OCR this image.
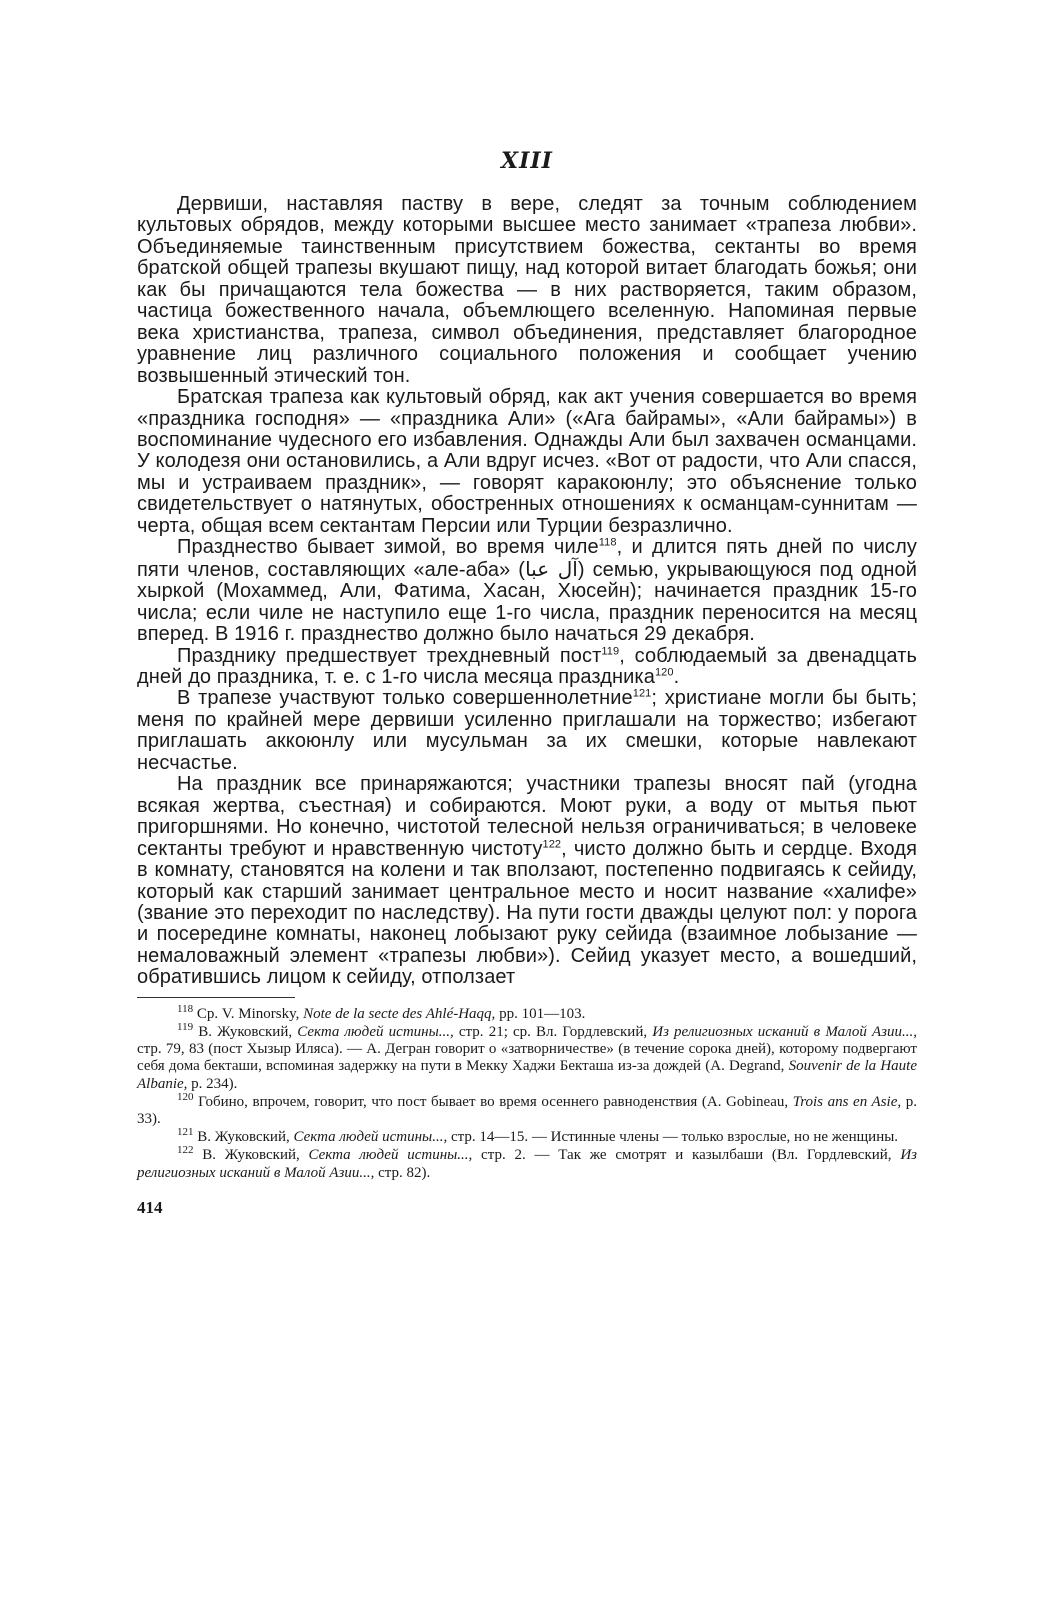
XIII

Дервиши, наставляя паству в вере, следят за точным соблюдением культовых обрядов, между которыми высшее место занимает «трапеза любви». Объединяемые таинственным присутствием божества, сектанты во время братской общей трапезы вкушают пищу, над которой витает благодать божья; они как бы причащаются тела божества — в них растворяется, таким образом, частица божественного начала, объемлющего вселенную. Напоминая первые века христианства, трапеза, символ объединения, представляет благородное уравнение лиц различного социального положения и сообщает учению возвышенный этический тон.

Братская трапеза как культовый обряд, как акт учения совершается во время «праздника господня» — «праздника Али» («Ага байрамы», «Али байрамы») в воспоминание чудесного его избавления. Однажды Али был захвачен османцами. У колодезя они остановились, а Али вдруг исчез. «Вот от радости, что Али спасся, мы и устраиваем праздник», — говорят каракоюнлу; это объяснение только свидетельствует о натянутых, обостренных отношениях к османцам-суннитам — черта, общая всем сектантам Персии или Турции безразлично.

Празднество бывает зимой, во время чиле$^{118}$, и длится пять дней по числу пяти членов, составляющих «але-аба» (آل عبا) семью, укрывающуюся под одной хыркой (Мохаммед, Али, Фатима, Хасан, Хюсейн); начинается праздник 15-го числа; если чиле не наступило еще 1-го числа, праздник переносится на месяц вперед. В 1916 г. празднество должно было начаться 29 декабря.

Празднику предшествует трехдневный пост$^{119}$, соблюдаемый за двенадцать дней до праздника, т. е. с 1-го числа месяца праздника$^{120}$.

В трапезе участвуют только совершеннолетние$^{121}$; христиане могли бы быть; меня по крайней мере дервиши усиленно приглашали на торжество; избегают приглашать аккоюнлу или мусульман за их смешки, которые навлекают несчастье.

На праздник все принаряжаются; участники трапезы вносят пай (угодна всякая жертва, съестная) и собираются. Моют руки, а воду от мытья пьют пригоршнями. Но конечно, чистотой телесной нельзя ограничиваться; в человеке сектанты требуют и нравственную чистоту$^{122}$, чисто должно быть и сердце. Входя в комнату, становятся на колени и так вползают, постепенно подвигаясь к сейиду, который как старший занимает центральное место и носит название «халифе» (звание это переходит по наследству). На пути гости дважды целуют пол: у порога и посередине комнаты, наконец лобызают руку сейида (взаимное лобызание — немаловажный элемент «трапезы любви»). Сейид указует место, а вошедший, обратившись лицом к сейиду, отползает

$^{118}$ Ср. V. Minorsky, Note de la secte des Ahlé-Haqq, pp. 101—103.

$^{119}$ В. Жуковский, Секта людей истины..., стр. 21; ср. Вл. Гордлевский, Из религиозных исканий в Малой Азии..., стр. 79, 83 (пост Хызыр Иляса). — А. Дегран говорит о «затворничестве» (в течение сорока дней), которому подвергают себя дома бекташи, вспоминая задержку на пути в Мекку Хаджи Бекташа из-за дождей (A. Degrand, Souvenir de la Haute Albanie, p. 234).

$^{120}$ Гобино, впрочем, говорит, что пост бывает во время осеннего равноденствия (A. Gobineau, Trois ans en Asie, p. 33).

$^{121}$ В. Жуковский, Секта людей истины..., стр. 14—15. — Истинные члены — только взрослые, но не женщины.

$^{122}$ В. Жуковский, Секта людей истины..., стр. 2. — Так же смотрят и казылбаши (Вл. Гордлевский, Из религиозных исканий в Малой Азии..., стр. 82).

414
